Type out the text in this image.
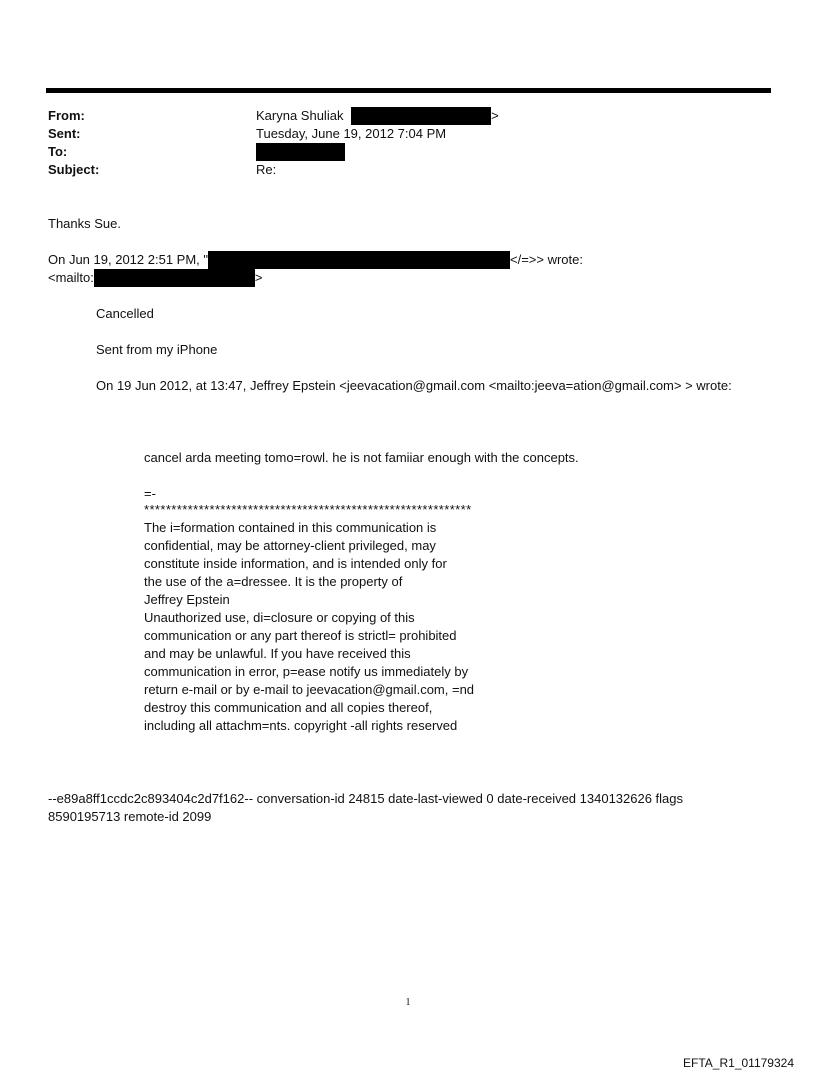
From:	Karyna Shuliak	>
Sent:	Tuesday, June 19, 2012 7:04 PM
To:
Subject:	Re:
Thanks Sue.
On Jun 19, 2012 2:51 PM, "	</=>> wrote:
<mailto:	>
Cancelled
Sent from my iPhone
On 19 Jun 2012, at 13:47, Jeffrey Epstein <jeevacation@gmail.com <mailto:jeeva=ation@gmail.com> > wrote:
cancel arda meeting tomo=rowl. he is not famiiar enough with the concepts.
=-
************************************************************
The i=formation contained in this communication is
confidential, may be attorney-client privileged, may
constitute inside information, and is intended only for
the use of the a=dressee. It is the property of
Jeffrey Epstein
Unauthorized use, di=closure or copying of this
communication or any part thereof is strictl= prohibited
and may be unlawful. If you have received this
communication in error, p=ease notify us immediately by
return e-mail or by e-mail to jeevacation@gmail.com, =nd
destroy this communication and all copies thereof,
including all attachm=nts. copyright -all rights reserved
--e89a8ff1ccdc2c893404c2d7f162-- conversation-id 24815 date-last-viewed 0 date-received 1340132626 flags
8590195713 remote-id 2099
1
EFTA_R1_01179324
